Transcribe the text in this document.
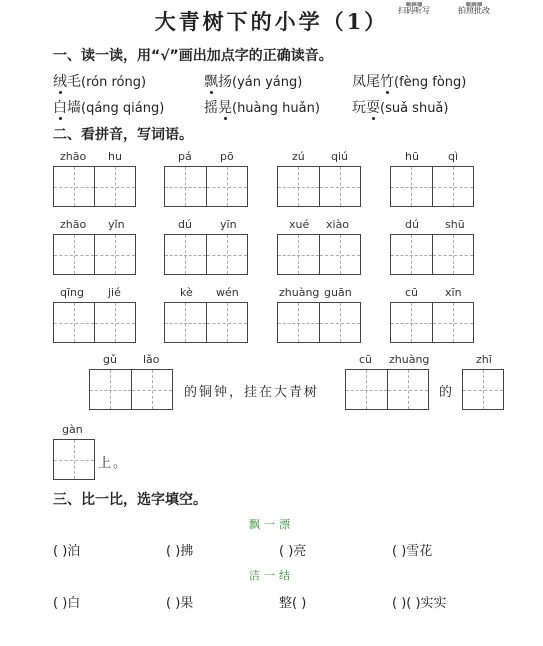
大青树下的小学（1）
▦▦▦
扫码听写
▦▦▦
拍照批改
一、读一读，用“√”画出加点字的正确读音。
绒毛(rón róng)	飘扬(yán yáng)	凤尾竹(fèng fòng)
白墙(qáng qiáng)	摇晃(huàng huǎn) 玩耍(suǎ shuǎ)
二、看拼音，写词语。
zhāo hu	pá	pō	zú qiú	hū	qì
zhāo yǐn	dú	yīn	xué xiào	dú shū
qīng jié	kè wén	zhuàng guān	cū xīn
gǔ lǎo
的铜钟，挂在大青树
cū zhuàng
的
zhī
gàn
上。
三、比一比，选字填空。
飘一漂
( )泊	( )拂	( )亮	( )雪花
洁一结
( )白	( )果	整( )	( )( )实实
